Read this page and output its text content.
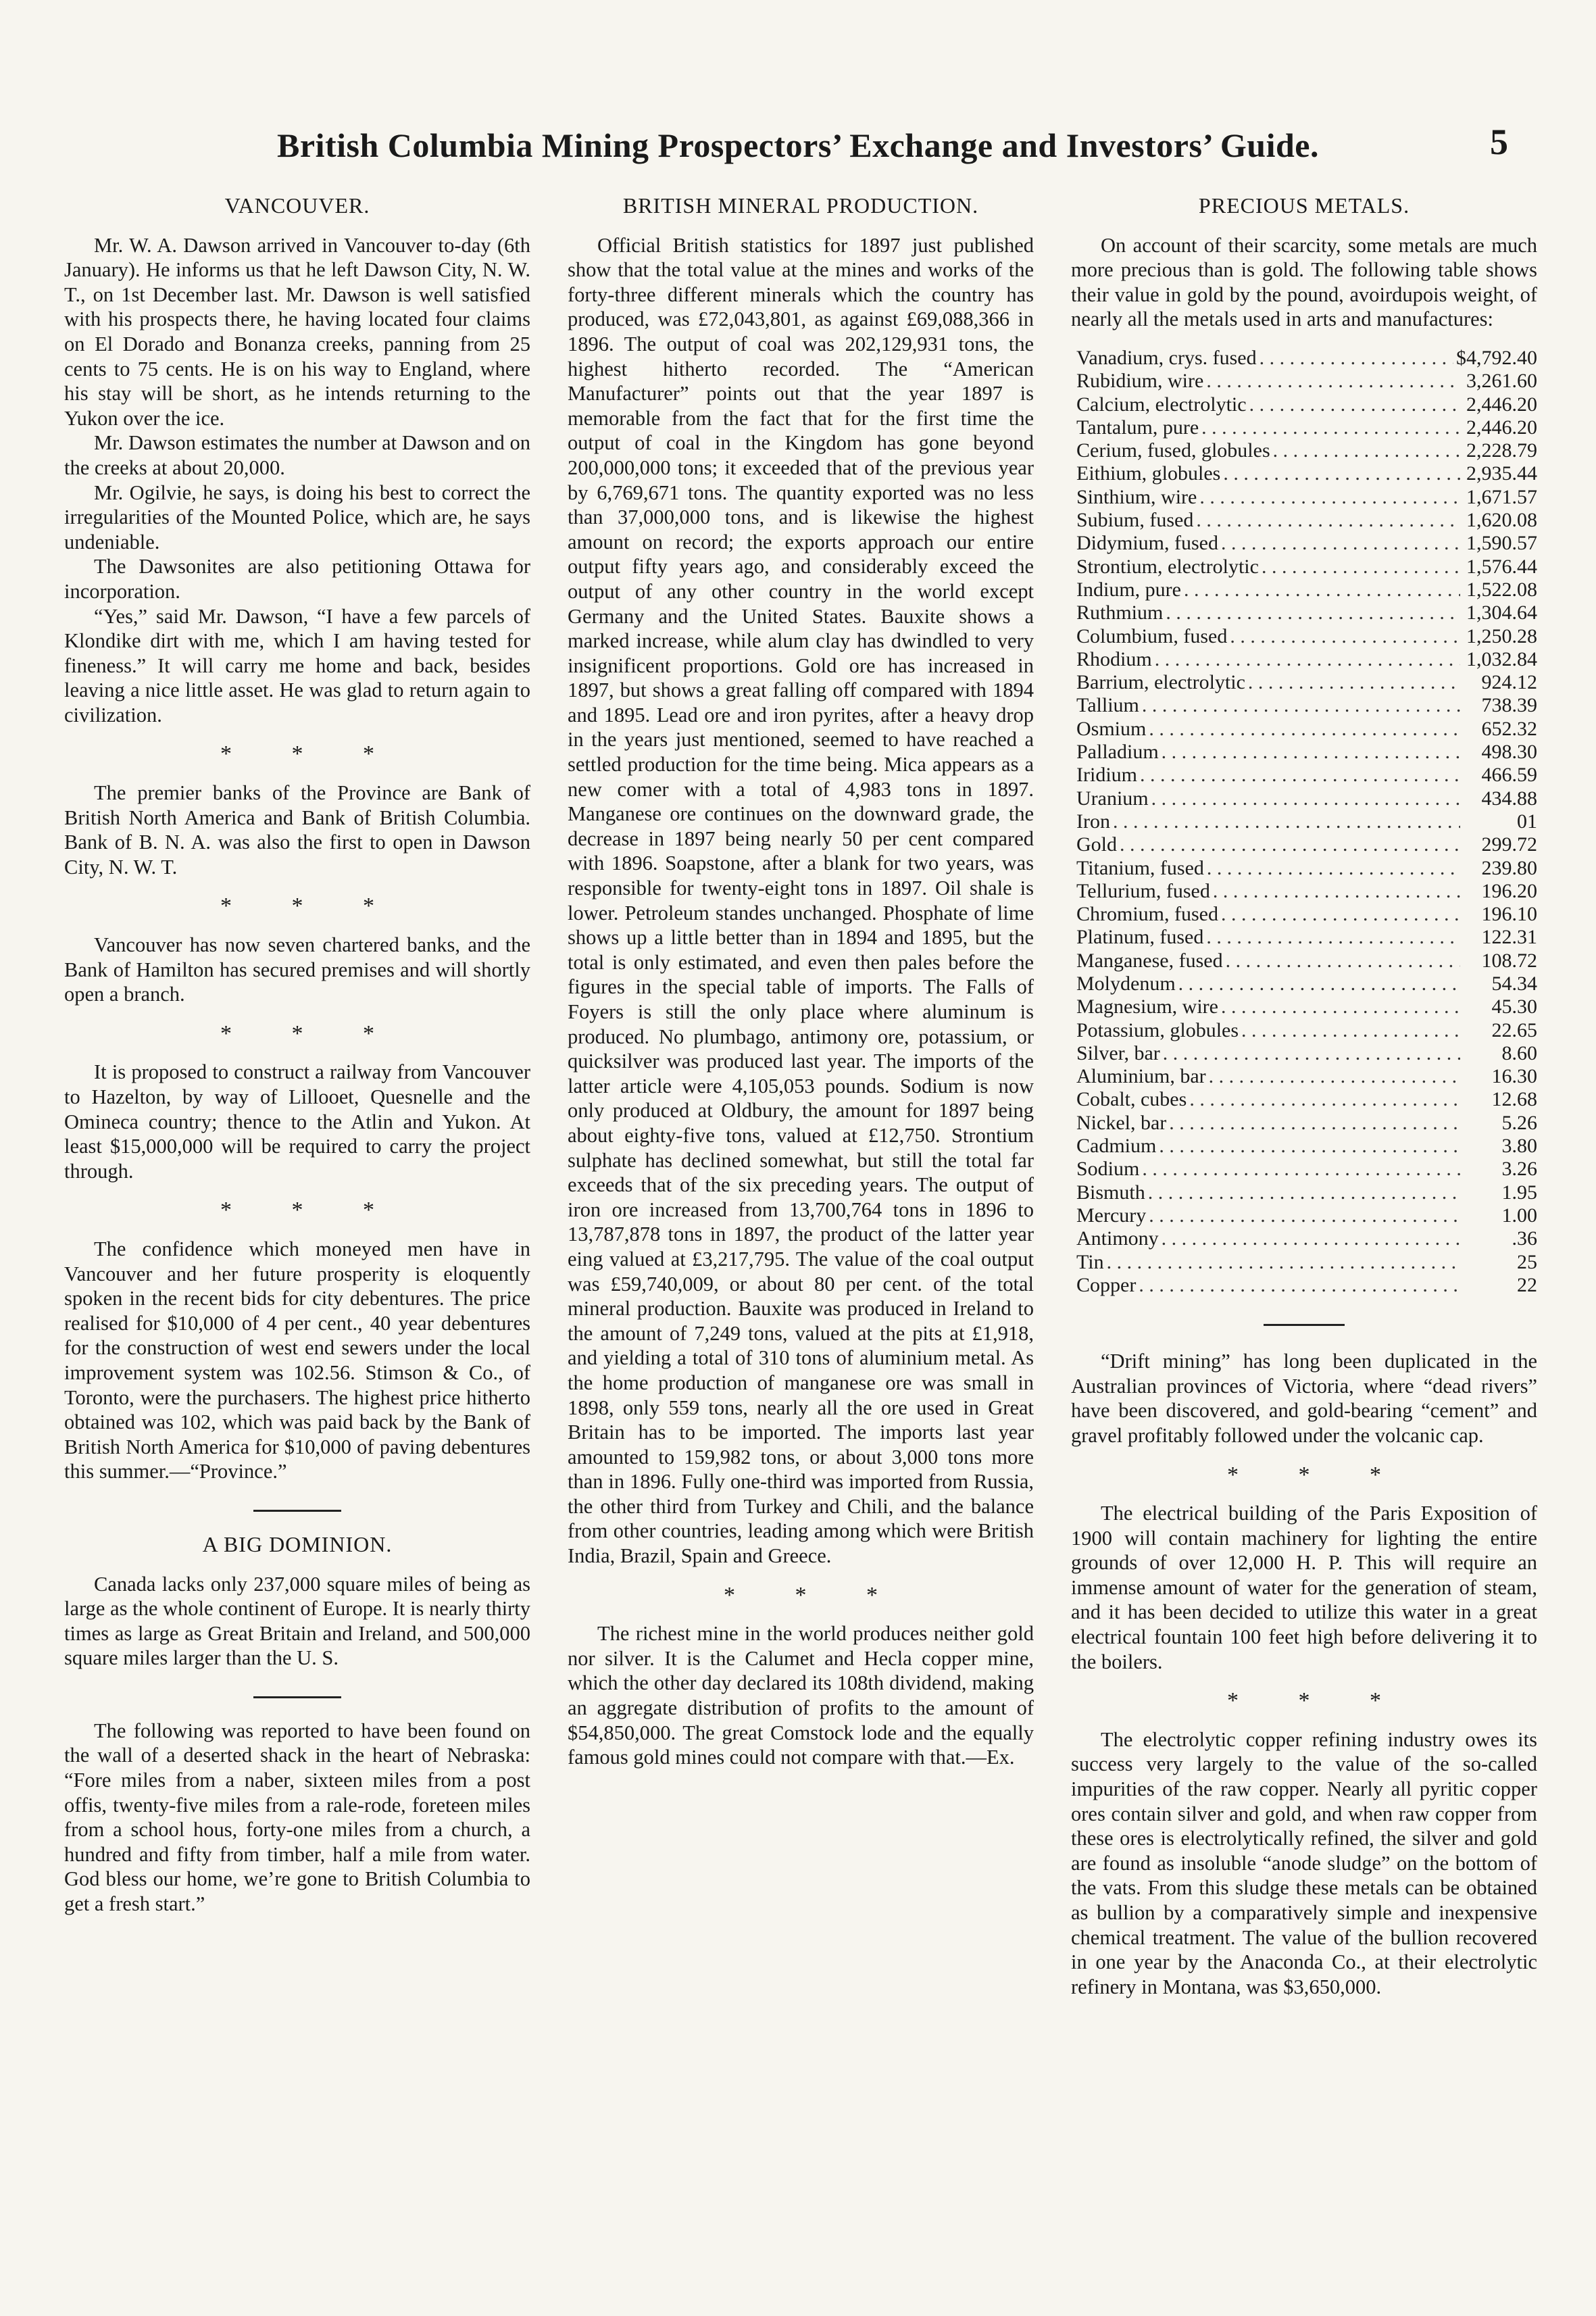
British Columbia Mining Prospectors’ Exchange and Investors’ Guide.	5
VANCOUVER.

Mr. W. A. Dawson arrived in Vancouver to-day (6th January). He informs us that he left Dawson City, N. W. T., on 1st December last. Mr. Dawson is well satisfied with his prospects there, he having located four claims on El Dorado and Bonanza creeks, panning from 25 cents to 75 cents. He is on his way to England, where his stay will be short, as he intends returning to the Yukon over the ice.

Mr. Dawson estimates the number at Dawson and on the creeks at about 20,000.

Mr. Ogilvie, he says, is doing his best to correct the irregularities of the Mounted Police, which are, he says undeniable.

The Dawsonites are also petitioning Ottawa for incorporation.

“Yes,” said Mr. Dawson, “I have a few parcels of Klondike dirt with me, which I am having tested for fineness.” It will carry me home and back, besides leaving a nice little asset. He was glad to return again to civilization.

* * *

The premier banks of the Province are Bank of British North America and Bank of British Columbia. Bank of B. N. A. was also the first to open in Dawson City, N. W. T.

* * *

Vancouver has now seven chartered banks, and the Bank of Hamilton has secured premises and will shortly open a branch.

* * *

It is proposed to construct a railway from Vancouver to Hazelton, by way of Lillooet, Quesnelle and the Omineca country; thence to the Atlin and Yukon. At least $15,000,000 will be required to carry the project through.

* * *

The confidence which moneyed men have in Vancouver and her future prosperity is eloquently spoken in the recent bids for city debentures. The price realised for $10,000 of 4 per cent., 40 year debentures for the construction of west end sewers under the local improvement system was 102.56. Stimson & Co., of Toronto, were the purchasers. The highest price hitherto obtained was 102, which was paid back by the Bank of British North America for $10,000 of paving debentures this summer.—“Province.”

A BIG DOMINION.

Canada lacks only 237,000 square miles of being as large as the whole continent of Europe. It is nearly thirty times as large as Great Britain and Ireland, and 500,000 square miles larger than the U. S.

The following was reported to have been found on the wall of a deserted shack in the heart of Nebraska: “Fore miles from a naber, sixteen miles from a post offis, twenty-five miles from a rale-rode, foreteen miles from a school hous, forty-one miles from a church, a hundred and fifty from timber, half a mile from water. God bless our home, we’re gone to British Columbia to get a fresh start.”

BRITISH MINERAL PRODUCTION.

Official British statistics for 1897 just published show that the total value at the mines and works of the forty-three different minerals which the country has produced, was £72,043,801, as against £69,088,366 in 1896. The output of coal was 202,129,931 tons, the highest hitherto recorded. The “American Manufacturer” points out that the year 1897 is memorable from the fact that for the first time the output of coal in the Kingdom has gone beyond 200,000,000 tons; it exceeded that of the previous year by 6,769,671 tons. The quantity exported was no less than 37,000,000 tons, and is likewise the highest amount on record; the exports approach our entire output fifty years ago, and considerably exceed the output of any other country in the world except Germany and the United States. Bauxite shows a marked increase, while alum clay has dwindled to very insignificent proportions. Gold ore has increased in 1897, but shows a great falling off compared with 1894 and 1895. Lead ore and iron pyrites, after a heavy drop in the years just mentioned, seemed to have reached a settled production for the time being. Mica appears as a new comer with a total of 4,983 tons in 1897. Manganese ore continues on the downward grade, the decrease in 1897 being nearly 50 per cent compared with 1896. Soapstone, after a blank for two years, was responsible for twenty-eight tons in 1897. Oil shale is lower. Petroleum standes unchanged. Phosphate of lime shows up a little better than in 1894 and 1895, but the total is only estimated, and even then pales before the figures in the special table of imports. The Falls of Foyers is still the only place where aluminum is produced. No plumbago, antimony ore, potassium, or quicksilver was produced last year. The imports of the latter article were 4,105,053 pounds. Sodium is now only produced at Oldbury, the amount for 1897 being about eighty-five tons, valued at £12,750. Strontium sulphate has declined somewhat, but still the total far exceeds that of the six preceding years. The output of iron ore increased from 13,700,764 tons in 1896 to 13,787,878 tons in 1897, the product of the latter year eing valued at £3,217,795. The value of the coal output was £59,740,009, or about 80 per cent. of the total mineral production. Bauxite was produced in Ireland to the amount of 7,249 tons, valued at the pits at £1,918, and yielding a total of 310 tons of aluminium metal. As the home production of manganese ore was small in 1898, only 559 tons, nearly all the ore used in Great Britain has to be imported. The imports last year amounted to 159,982 tons, or about 3,000 tons more than in 1896. Fully one-third was imported from Russia, the other third from Turkey and Chili, and the balance from other countries, leading among which were British India, Brazil, Spain and Greece.

* * *

The richest mine in the world produces neither gold nor silver. It is the Calumet and Hecla copper mine, which the other day declared its 108th dividend, making an aggregate distribution of profits to the amount of $54,850,000. The great Comstock lode and the equally famous gold mines could not compare with that.—Ex.

PRECIOUS METALS.

On account of their scarcity, some metals are much more precious than is gold. The following table shows their value in gold by the pound, avoirdupois weight, of nearly all the metals used in arts and manufactures:

Vanadium, crys. fused . . .	$4,792.40
Rubidium, wire . . .	3,261.60
Calcium, electrolytic . . .	2,446.20
Tantalum, pure . . .	2,446.20
Cerium, fused, globules . . .	2,228.79
Eithium, globules . . .	2,935.44
Sinthium, wire . . .	1,671.57
Subium, fused . . .	1,620.08
Didymium, fused . . .	1,590.57
Strontium, electrolytic . . .	1,576.44
Indium, pure . . .	1,522.08
Ruthmium . . .	1,304.64
Columbium, fused . . .	1,250.28
Rhodium . . .	1,032.84
Barrium, electrolytic . . .	924.12
Tallium . . .	738.39
Osmium . . .	652.32
Palladium . . .	498.30
Iridium . . .	466.59
Uranium . . .	434.88
Iron . . .	01
Gold . . .	299.72
Titanium, fused . . .	239.80
Tellurium, fused . . .	196.20
Chromium, fused . . .	196.10
Platinum, fused . . .	122.31
Manganese, fused . . .	108.72
Molydenum . . .	54.34
Magnesium, wire . . .	45.30
Potassium, globules . . .	22.65
Silver, bar . . .	8.60
Aluminium, bar . . .	16.30
Cobalt, cubes . . .	12.68
Nickel, bar . . .	5.26
Cadmium . . .	3.80
Sodium . . .	3.26
Bismuth . . .	1.95
Mercury . . .	1.00
Antimony . . .	.36
Tin . . .	25
Copper . . .	22

“Drift mining” has long been duplicated in the Australian provinces of Victoria, where “dead rivers” have been discovered, and gold-bearing “cement” and gravel profitably followed under the volcanic cap.

* * *

The electrical building of the Paris Exposition of 1900 will contain machinery for lighting the entire grounds of over 12,000 H. P. This will require an immense amount of water for the generation of steam, and it has been decided to utilize this water in a great electrical fountain 100 feet high before delivering it to the boilers.

* * *

The electrolytic copper refining industry owes its success very largely to the value of the so-called impurities of the raw copper. Nearly all pyritic copper ores contain silver and gold, and when raw copper from these ores is electrolytically refined, the silver and gold are found as insoluble “anode sludge” on the bottom of the vats. From this sludge these metals can be obtained as bullion by a comparatively simple and inexpensive chemical treatment. The value of the bullion recovered in one year by the Anaconda Co., at their electrolytic refinery in Montana, was $3,650,000.
